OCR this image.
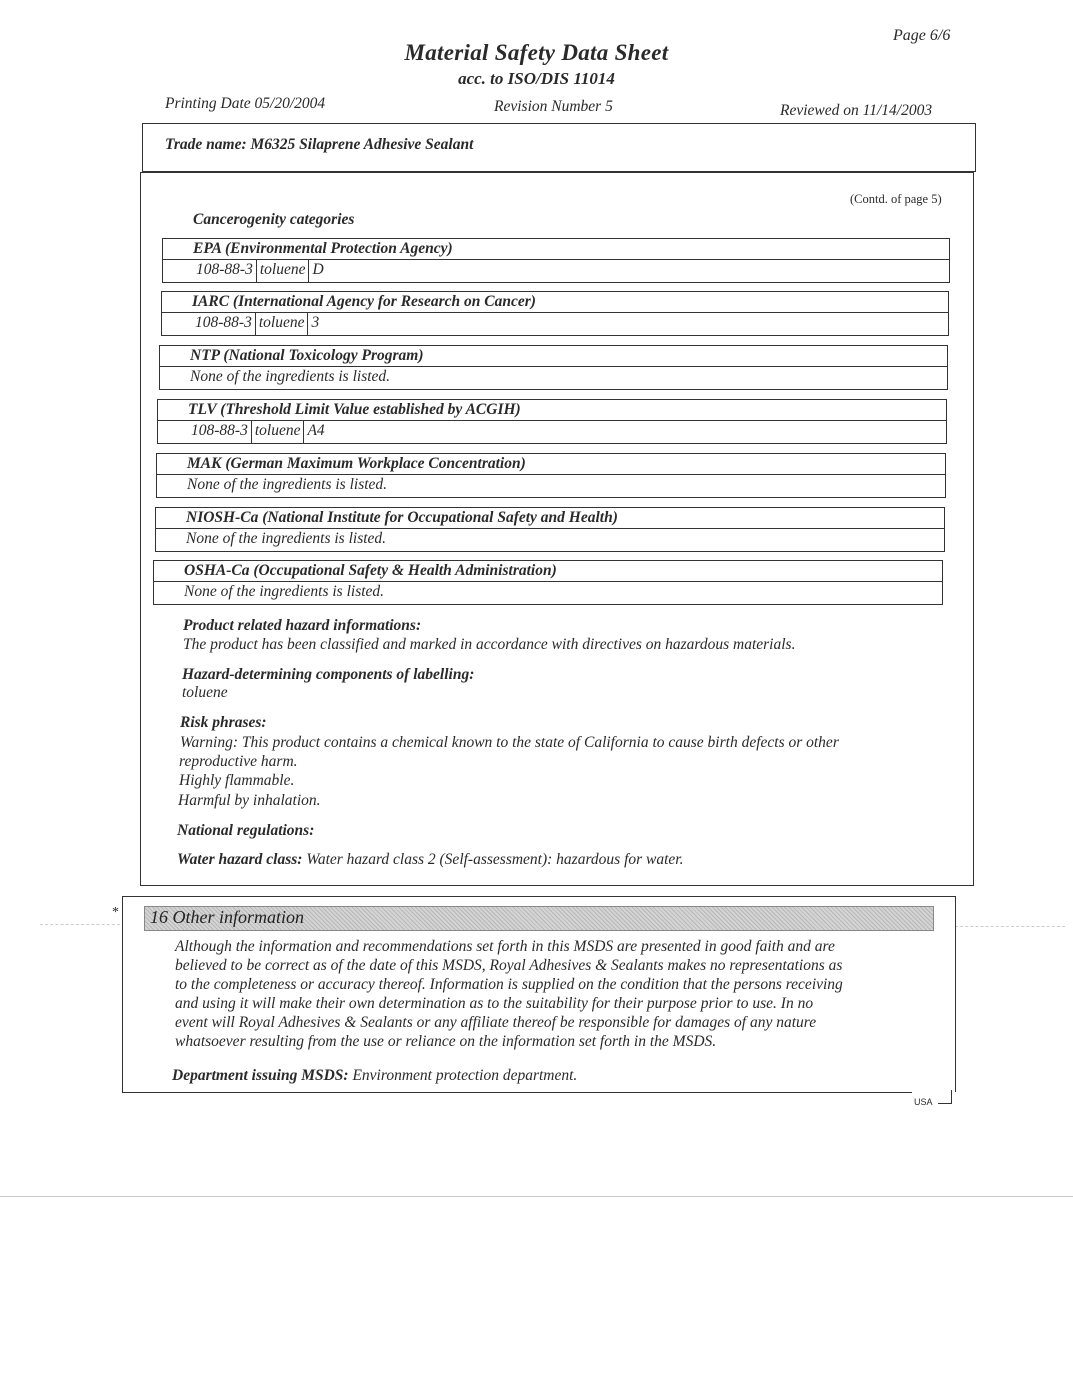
Page 6/6
Material Safety Data Sheet
acc. to ISO/DIS 11014
Printing Date 05/20/2004	Revision Number 5	Reviewed on 11/14/2003
Trade name: M6325 Silaprene Adhesive Sealant
(Contd. of page 5)
Cancerogenity categories
EPA (Environmental Protection Agency)
108-88-3 toluene D
IARC (International Agency for Research on Cancer)
108-88-3 toluene 3
NTP (National Toxicology Program)
None of the ingredients is listed.
TLV (Threshold Limit Value established by ACGIH)
108-88-3 toluene A4
MAK (German Maximum Workplace Concentration)
None of the ingredients is listed.
NIOSH-Ca (National Institute for Occupational Safety and Health)
None of the ingredients is listed.
OSHA-Ca (Occupational Safety & Health Administration)
None of the ingredients is listed.
Product related hazard informations:
The product has been classified and marked in accordance with directives on hazardous materials.
Hazard-determining components of labelling:
toluene
Risk phrases:
Warning: This product contains a chemical known to the state of California to cause birth defects or other
reproductive harm.
Highly flammable.
Harmful by inhalation.
National regulations:
Water hazard class: Water hazard class 2 (Self-assessment): hazardous for water.
* 16 Other information
Although the information and recommendations set forth in this MSDS are presented in good faith and are
believed to be correct as of the date of this MSDS, Royal Adhesives & Sealants makes no representations as
to the completeness or accuracy thereof. Information is supplied on the condition that the persons receiving
and using it will make their own determination as to the suitability for their purpose prior to use. In no
event will Royal Adhesives & Sealants or any affiliate thereof be responsible for damages of any nature
whatsoever resulting from the use or reliance on the information set forth in the MSDS.
Department issuing MSDS: Environment protection department.
USA
